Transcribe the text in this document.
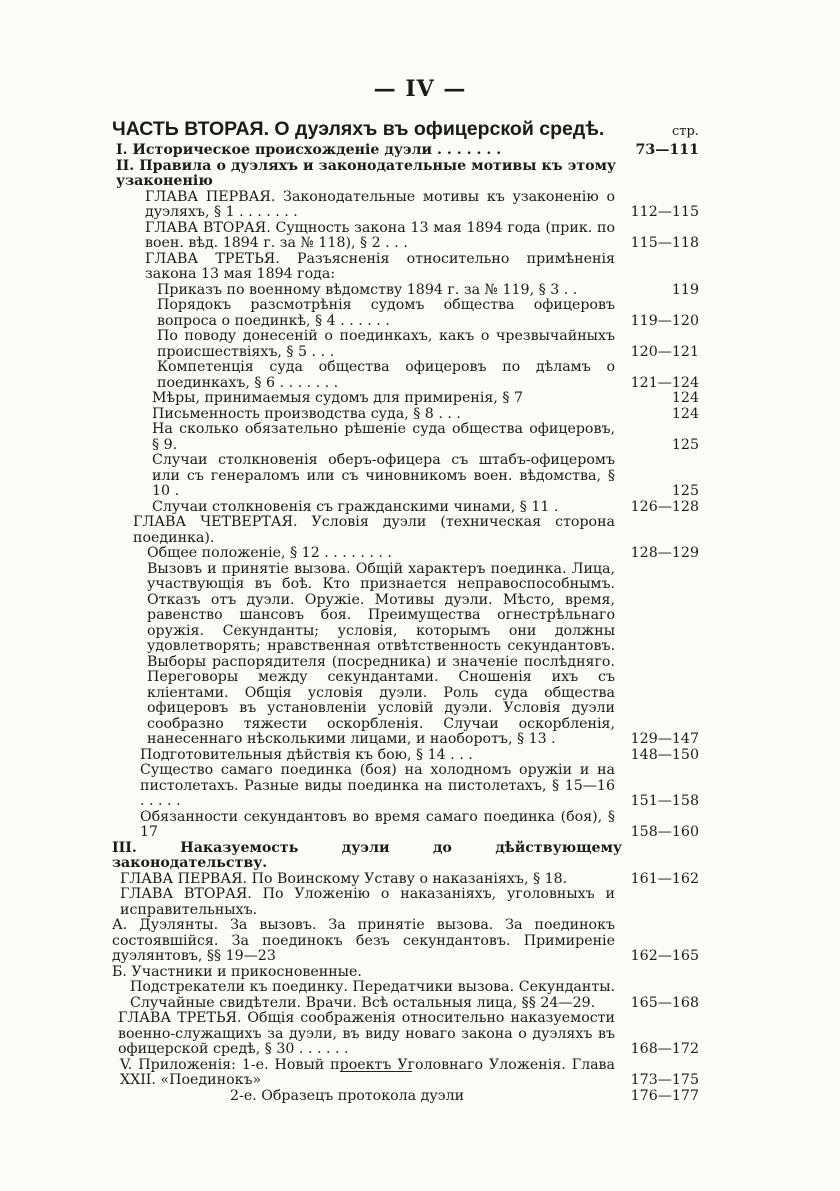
— IV —
ЧАСТЬ ВТОРАЯ. О дуэляхъ въ офицерской средѣ.	стр.
I. Историческое происхожденіе дуэли . . . . . . .	73—111
II. Правила о дуэляхъ и законодательные мотивы къ этому узаконенію
ГЛАВА ПЕРВАЯ. Законодательные мотивы къ узаконенію о дуэляхъ, § 1 . . . . . . .	112—115
ГЛАВА ВТОРАЯ. Сущность закона 13 мая 1894 года (прик. по воен. вѣд. 1894 г. за № 118), § 2 . . .	115—118
ГЛАВА ТРЕТЬЯ. Разъясненія относительно примѣненія закона 13 мая 1894 года:
Приказъ по военному вѣдомству 1894 г. за № 119, § 3 . .	119
Порядокъ разсмотрѣнія судомъ общества офицеровъ вопроса о поединкѣ, § 4 . . . . . .	119—120
По поводу донесеній о поединкахъ, какъ о чрезвычайныхъ происшествіяхъ, § 5 . . .	120—121
Компетенція суда общества офицеровъ по дѣламъ о поединкахъ, § 6 . . . . . . .	121—124
Мѣры, принимаемыя судомъ для примиренія, § 7	124
Письменность производства суда, § 8 . . .	124
На сколько обязательно рѣшеніе суда общества офицеровъ, § 9.	125
Случаи столкновенія оберъ-офицера съ штабъ-офицеромъ или съ генераломъ или съ чиновникомъ воен. вѣдомства, § 10 .	125
Случаи столкновенія съ гражданскими чинами, § 11 .	126—128
ГЛАВА ЧЕТВЕРТАЯ. Условія дуэли (техническая сторона поединка).
Общее положеніе, § 12 . . . . . . . .	128—129
Вызовъ и принятіе вызова. Общій характеръ поединка. Лица, участвующія въ боѣ. Кто признается неправоспособнымъ. Отказъ отъ дуэли. Оружіе. Мотивы дуэли. Мѣсто, время, равенство шансовъ боя. Преимущества огнестрѣльнаго оружія. Секунданты; условія, которымъ они должны удовлетворять; нравственная отвѣтственность секундантовъ. Выборы распорядителя (посредника) и значеніе послѣдняго. Переговоры между секундантами. Сношенія ихъ съ кліентами. Общія условія дуэли. Роль суда общества офицеровъ въ установленіи условій дуэли. Условія дуэли сообразно тяжести оскорбленія. Случаи оскорбленія, нанесеннаго нѣсколькими лицами, и наоборотъ, § 13 .	129—147
Подготовительныя дѣйствія къ бою, § 14 . . .	148—150
Существо самаго поединка (боя) на холодномъ оружіи и на пистолетахъ. Разные виды поединка на пистолетахъ, § 15—16 . . . . .	151—158
Обязанности секундантовъ во время самаго поединка (боя), § 17	158—160
III. Наказуемость дуэли до дѣйствующему законодательству.
ГЛАВА ПЕРВАЯ. По Воинскому Уставу о наказаніяхъ, § 18.	161—162
ГЛАВА ВТОРАЯ. По Уложенію о наказаніяхъ, уголовныхъ и исправительныхъ.
А. Дуэлянты. За вызовъ. За принятіе вызова. За поединокъ состоявшійся. За поединокъ безъ секундантовъ. Примиреніе дуэлянтовъ, §§ 19—23	162—165
Б. Участники и прикосновенные.
Подстрекатели къ поединку. Передатчики вызова. Секунданты. Случайные свидѣтели. Врачи. Всѣ остальныя лица, §§ 24—29.	165—168
ГЛАВА ТРЕТЬЯ. Общія соображенія относительно наказуемости военно-служащихъ за дуэли, въ виду новаго закона о дуэляхъ въ офицерской средѣ, § 30 . . . . . .	168—172
V. Приложенія: 1-е. Новый проектъ Уголовнаго Уложенія. Глава XXII. «Поединокъ»	173—175
2-е. Образецъ протокола дуэли	176—177
